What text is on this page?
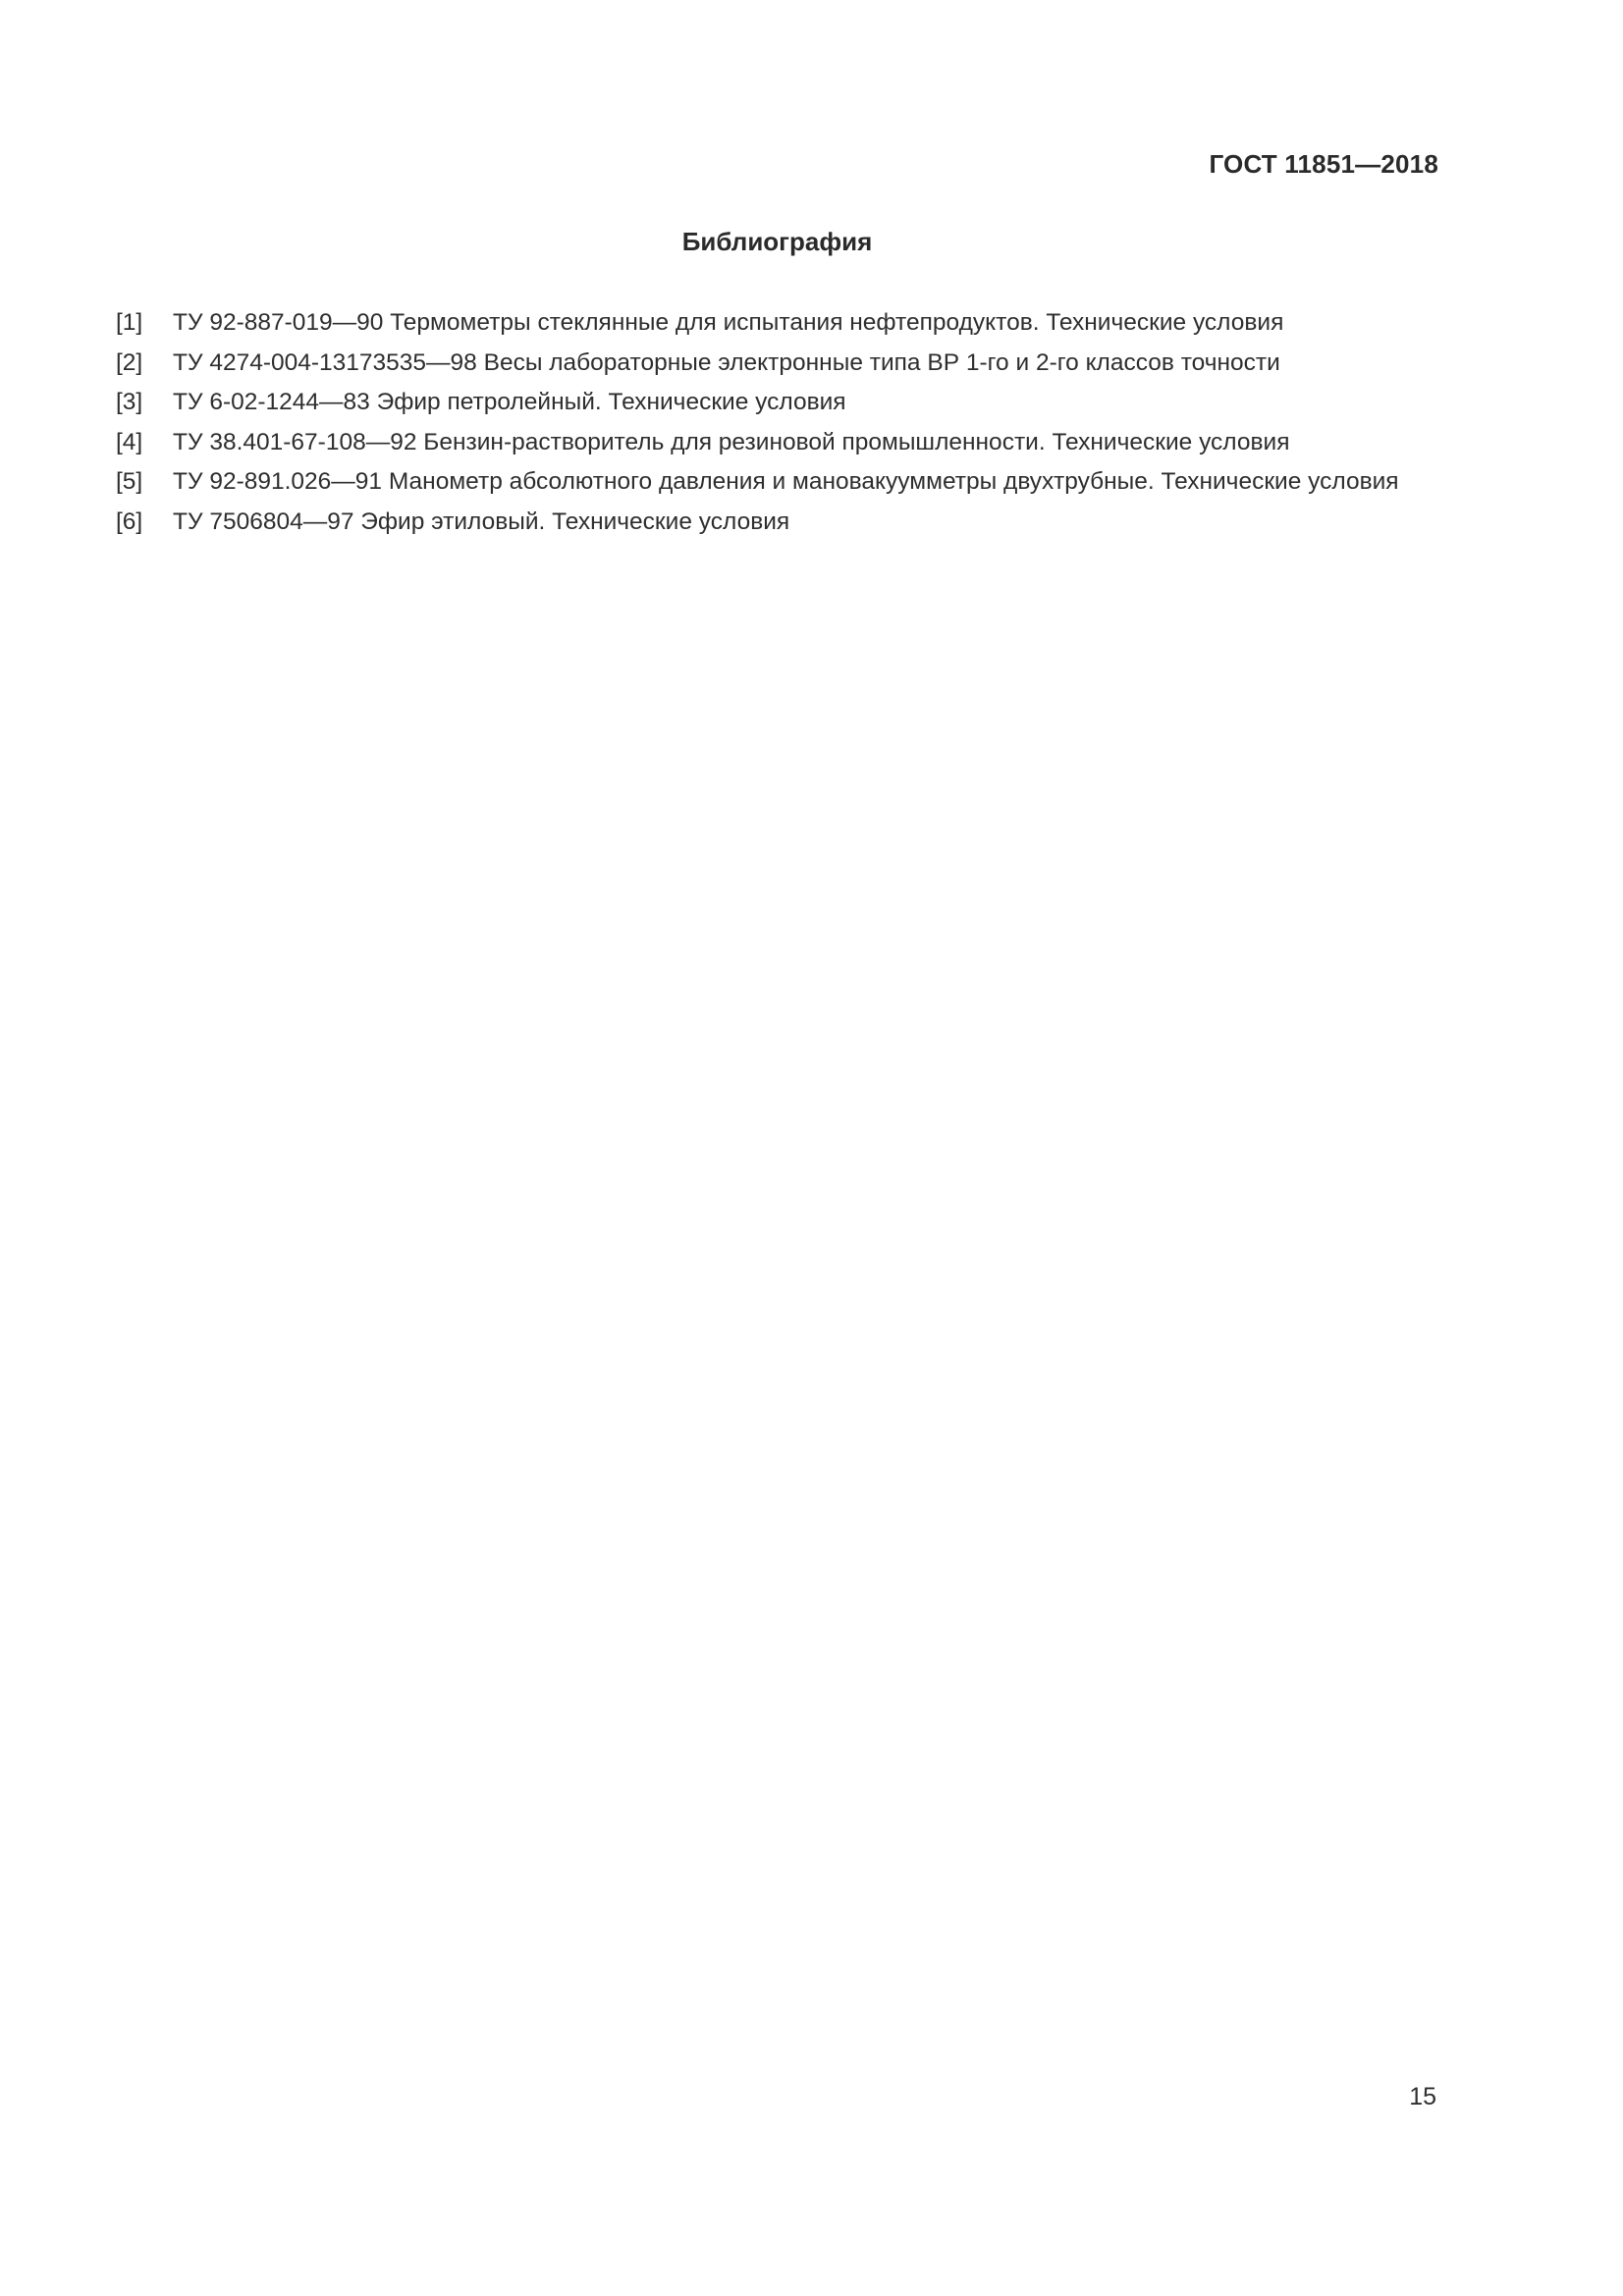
ГОСТ 11851—2018
Библиография
[1]	ТУ 92-887-019—90 Термометры стеклянные для испытания нефтепродуктов. Технические условия
[2]	ТУ 4274-004-13173535—98 Весы лабораторные электронные типа ВР 1-го и 2-го классов точности
[3]	ТУ 6-02-1244—83 Эфир петролейный. Технические условия
[4]	ТУ 38.401-67-108—92 Бензин-растворитель для резиновой промышленности. Технические условия
[5]	ТУ 92-891.026—91 Манометр абсолютного давления и мановакуумметры двухтрубные. Технические условия
[6]	ТУ 7506804—97 Эфир этиловый. Технические условия
15
